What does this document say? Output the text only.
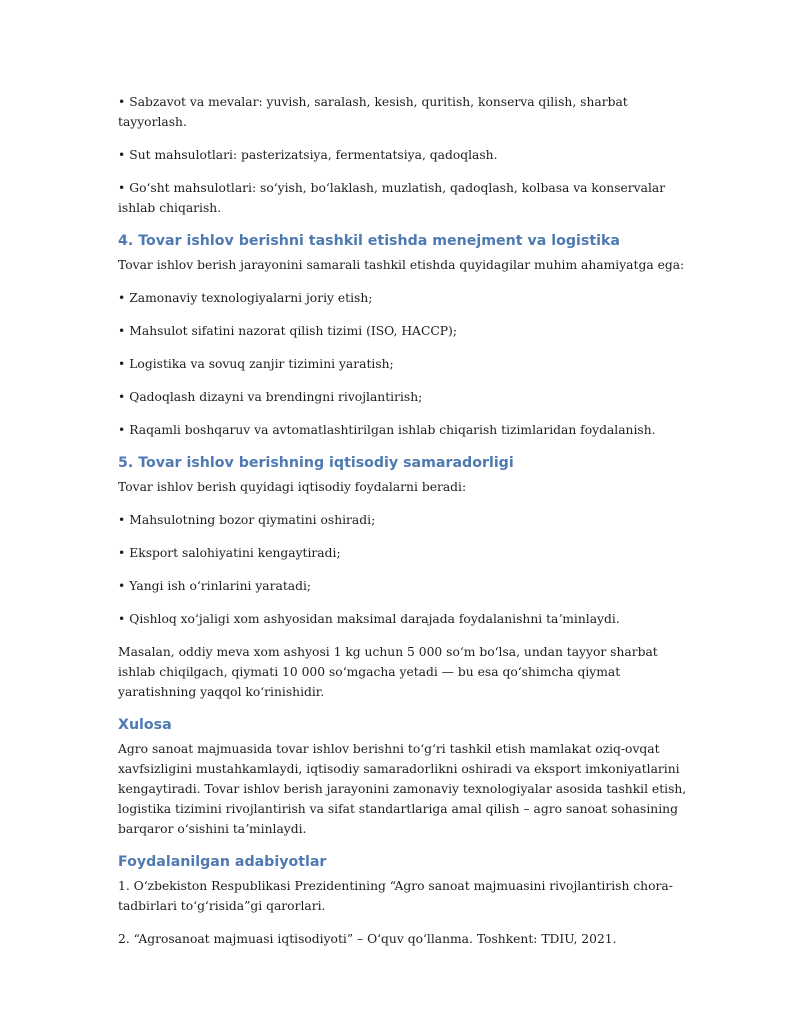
• Sabzavot va mevalar: yuvish, saralash, kesish, quritish, konserva qilish, sharbat tayyorlash.

• Sut mahsulotlari: pasterizatsiya, fermentatsiya, qadoqlash.

• Goʻsht mahsulotlari: soʻyish, boʻlaklash, muzlatish, qadoqlash, kolbasa va konservalar ishlab chiqarish.

4. Tovar ishlov berishni tashkil etishda menejment va logistika

Tovar ishlov berish jarayonini samarali tashkil etishda quyidagilar muhim ahamiyatga ega:

• Zamonaviy texnologiyalarni joriy etish;

• Mahsulot sifatini nazorat qilish tizimi (ISO, HACCP);

• Logistika va sovuq zanjir tizimini yaratish;

• Qadoqlash dizayni va brendingni rivojlantirish;

• Raqamli boshqaruv va avtomatlashtirilgan ishlab chiqarish tizimlaridan foydalanish.

5. Tovar ishlov berishning iqtisodiy samaradorligi

Tovar ishlov berish quyidagi iqtisodiy foydalarni beradi:

• Mahsulotning bozor qiymatini oshiradi;

• Eksport salohiyatini kengaytiradi;

• Yangi ish oʻrinlarini yaratadi;

• Qishloq xoʻjaligi xom ashyosidan maksimal darajada foydalanishni taʼminlaydi.

Masalan, oddiy meva xom ashyosi 1 kg uchun 5 000 soʻm boʻlsa, undan tayyor sharbat ishlab chiqilgach, qiymati 10 000 soʻmgacha yetadi — bu esa qoʻshimcha qiymat yaratishning yaqqol koʻrinishidir.

Xulosa

Agro sanoat majmuasida tovar ishlov berishni toʻgʻri tashkil etish mamlakat oziq-ovqat xavfsizligini mustahkamlaydi, iqtisodiy samaradorlikni oshiradi va eksport imkoniyatlarini kengaytiradi. Tovar ishlov berish jarayonini zamonaviy texnologiyalar asosida tashkil etish, logistika tizimini rivojlantirish va sifat standartlariga amal qilish – agro sanoat sohasining barqaror oʻsishini taʼminlaydi.

Foydalanilgan adabiyotlar

1. Oʻzbekiston Respublikasi Prezidentining “Agro sanoat majmuasini rivojlantirish chora-tadbirlari toʻgʻrisida”gi qarorlari.

2. “Agrosanoat majmuasi iqtisodiyoti” – Oʻquv qoʻllanma. Toshkent: TDIU, 2021.
